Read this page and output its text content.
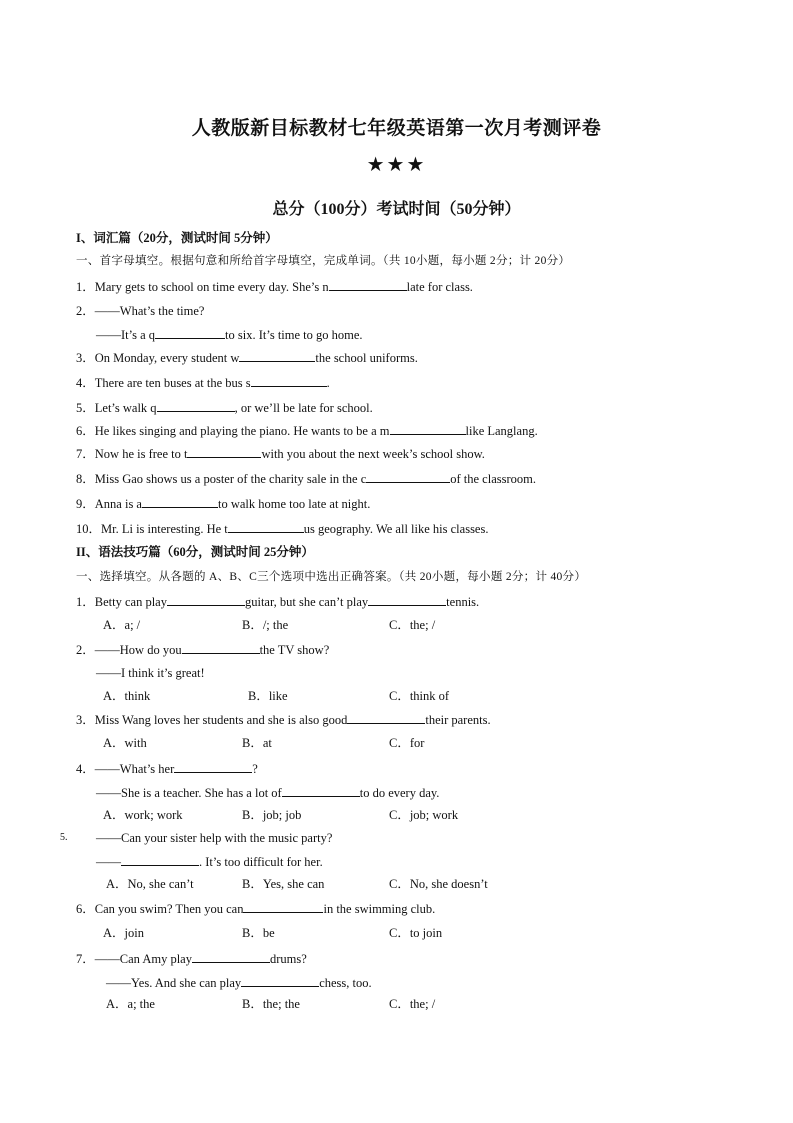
人教版新目标教材七年级英语第一次月考测评卷
★★★
总分（100分）考试时间（50分钟）
I、词汇篇（20分，测试时间 5分钟）
一、首字母填空。根据句意和所给首字母填空，完成单词。（共 10小题，每小题 2分；计 20分）
1．Mary gets to school on time every day. She’s n	late for class.
2．——What’s the time?
——It’s a q	to six. It’s time to go home.
3．On Monday, every student w	the school uniforms.
4．There are ten buses at the bus s	.
5．Let’s walk q	, or we’ll be late for school.
6．He likes singing and playing the piano. He wants to be a m	like Langlang.
7．Now he is free to t	with you about the next week’s school show.
8．Miss Gao shows us a poster of the charity sale in the c	of the classroom.
9．Anna is a	to walk home too late at night.
10．Mr. Li is interesting. He t	us geography. We all like his classes.
II、语法技巧篇（60分，测试时间 25分钟）
一、选择填空。从各题的 A、B、C三个选项中选出正确答案。（共 20小题，每小题 2分；计 40分）
1．Betty can play	guitar, but she can’t play	tennis.
A．a; /	B．/; the	C．the; /
2．——How do you	the TV show?
——I think it’s great!
A．think	B．like	C．think of
3．Miss Wang loves her students and she is also good	their parents.
A．with	B．at	C．for
4．——What’s her	?
——She is a teacher. She has a lot of	to do every day.
A．work; work	B．job; job	C．job; work
5. ——Can your sister help with the music party?
——	. It’s too difficult for her.
A．No, she can’t	B．Yes, she can	C．No, she doesn’t
6．Can you swim? Then you can	in the swimming club.
A．join	B．be	C．to join
7．——Can Amy play	drums?
——Yes. And she can play	chess, too.
A．a; the	B．the; the	C．the; /
